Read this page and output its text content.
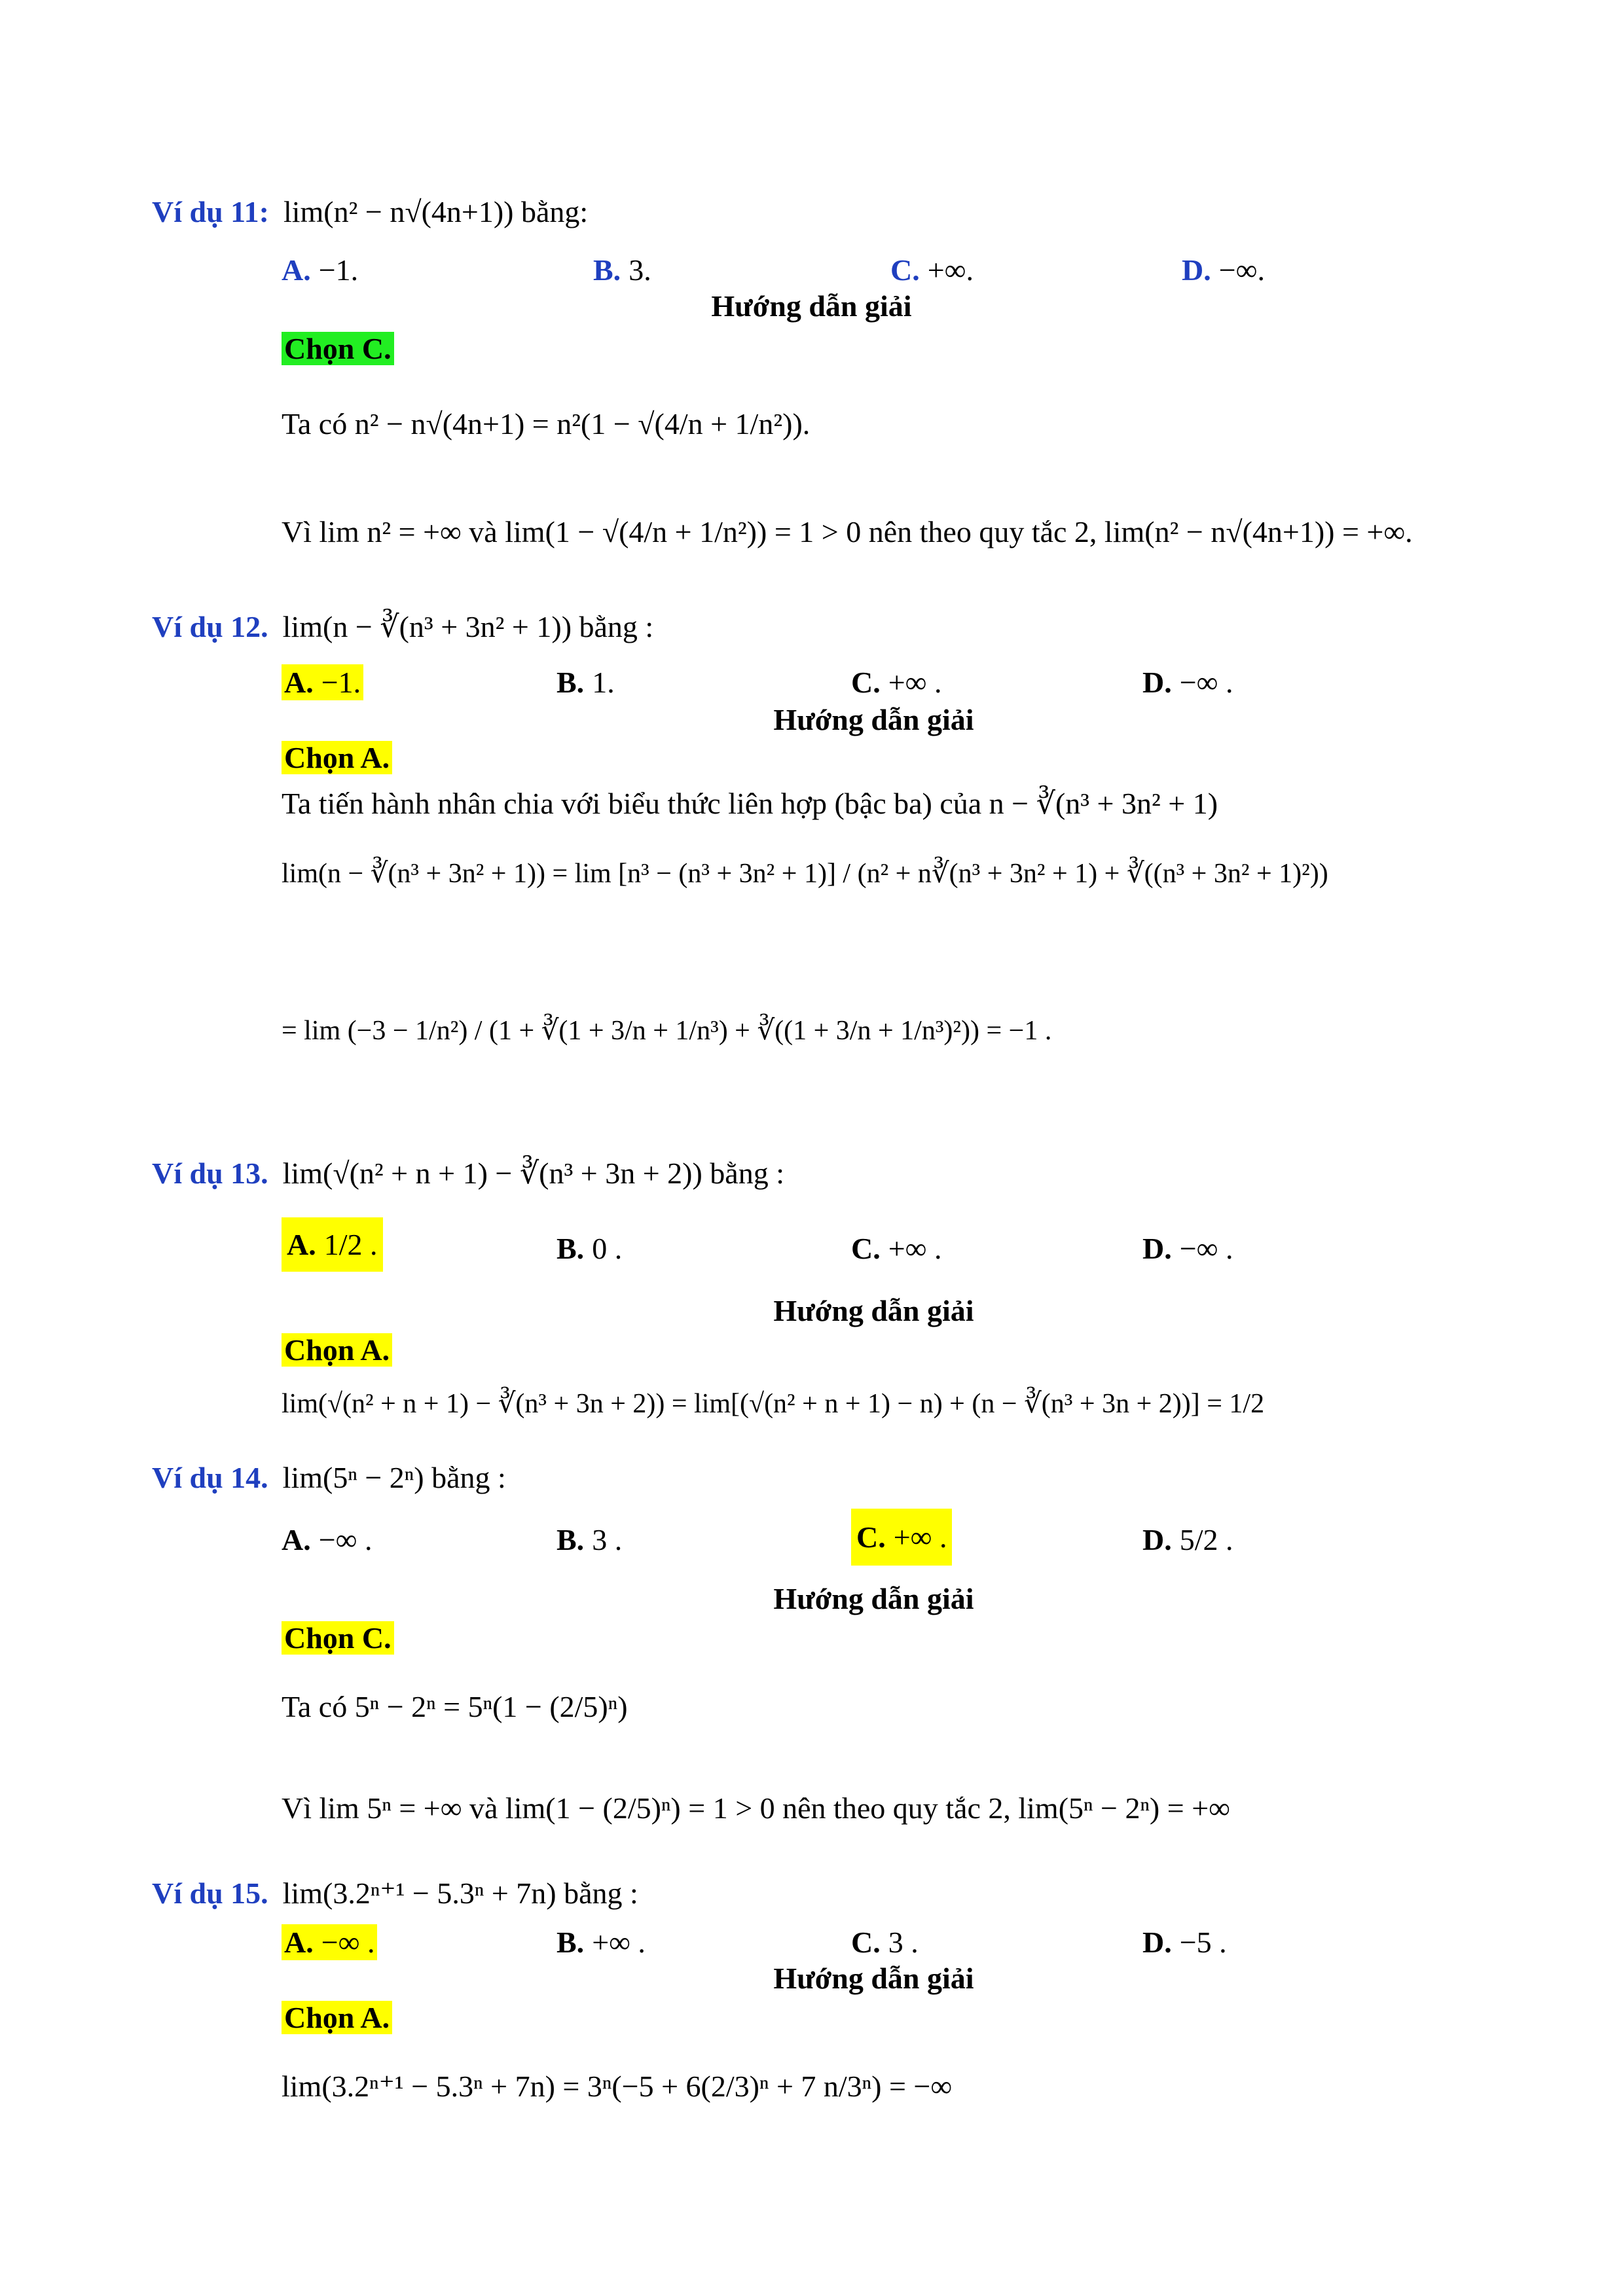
Ví dụ 11: lim(n² − n√(4n+1)) bằng:
A. −1.	B. 3.	C. +∞.	D. −∞.
Hướng dẫn giải
Chọn C.
Ta có n² − n√(4n+1) = n²(1 − √(4/n + 1/n²)).
Vì lim n² = +∞ và lim(1 − √(4/n + 1/n²)) = 1 > 0 nên theo quy tắc 2, lim(n² − n√(4n+1)) = +∞.
Ví dụ 12. lim(n − ∛(n³ + 3n² + 1)) bằng :
A. −1.	B. 1.	C. +∞ .	D. −∞ .
Hướng dẫn giải
Chọn A.
Ta tiến hành nhân chia với biểu thức liên hợp (bậc ba) của n − ∛(n³ + 3n² + 1)
lim(n − ∛(n³ + 3n² + 1)) = lim [n³ − (n³ + 3n² + 1)] / (n² + n∛(n³ + 3n² + 1) + ∛((n³ + 3n² + 1)²))
= lim (−3 − 1/n²) / (1 + ∛(1 + 3/n + 1/n³) + ∛((1 + 3/n + 1/n³)²)) = −1 .
Ví dụ 13. lim(√(n² + n + 1) − ∛(n³ + 3n + 2)) bằng :
A. 1/2 .	B. 0 .	C. +∞ .	D. −∞ .
Hướng dẫn giải
Chọn A.
lim(√(n² + n + 1) − ∛(n³ + 3n + 2)) = lim[(√(n² + n + 1) − n) + (n − ∛(n³ + 3n + 2))] = 1/2
Ví dụ 14. lim(5ⁿ − 2ⁿ) bằng :
A. −∞ .	B. 3 .	C. +∞ .	D. 5/2 .
Hướng dẫn giải
Chọn C.
Ta có 5ⁿ − 2ⁿ = 5ⁿ(1 − (2/5)ⁿ)
Vì lim 5ⁿ = +∞ và lim(1 − (2/5)ⁿ) = 1 > 0 nên theo quy tắc 2, lim(5ⁿ − 2ⁿ) = +∞
Ví dụ 15. lim(3.2ⁿ⁺¹ − 5.3ⁿ + 7n) bằng :
A. −∞ .	B. +∞ .	C. 3 .	D. −5 .
Hướng dẫn giải
Chọn A.
lim(3.2ⁿ⁺¹ − 5.3ⁿ + 7n) = 3ⁿ(−5 + 6(2/3)ⁿ + 7 n/3ⁿ) = −∞
